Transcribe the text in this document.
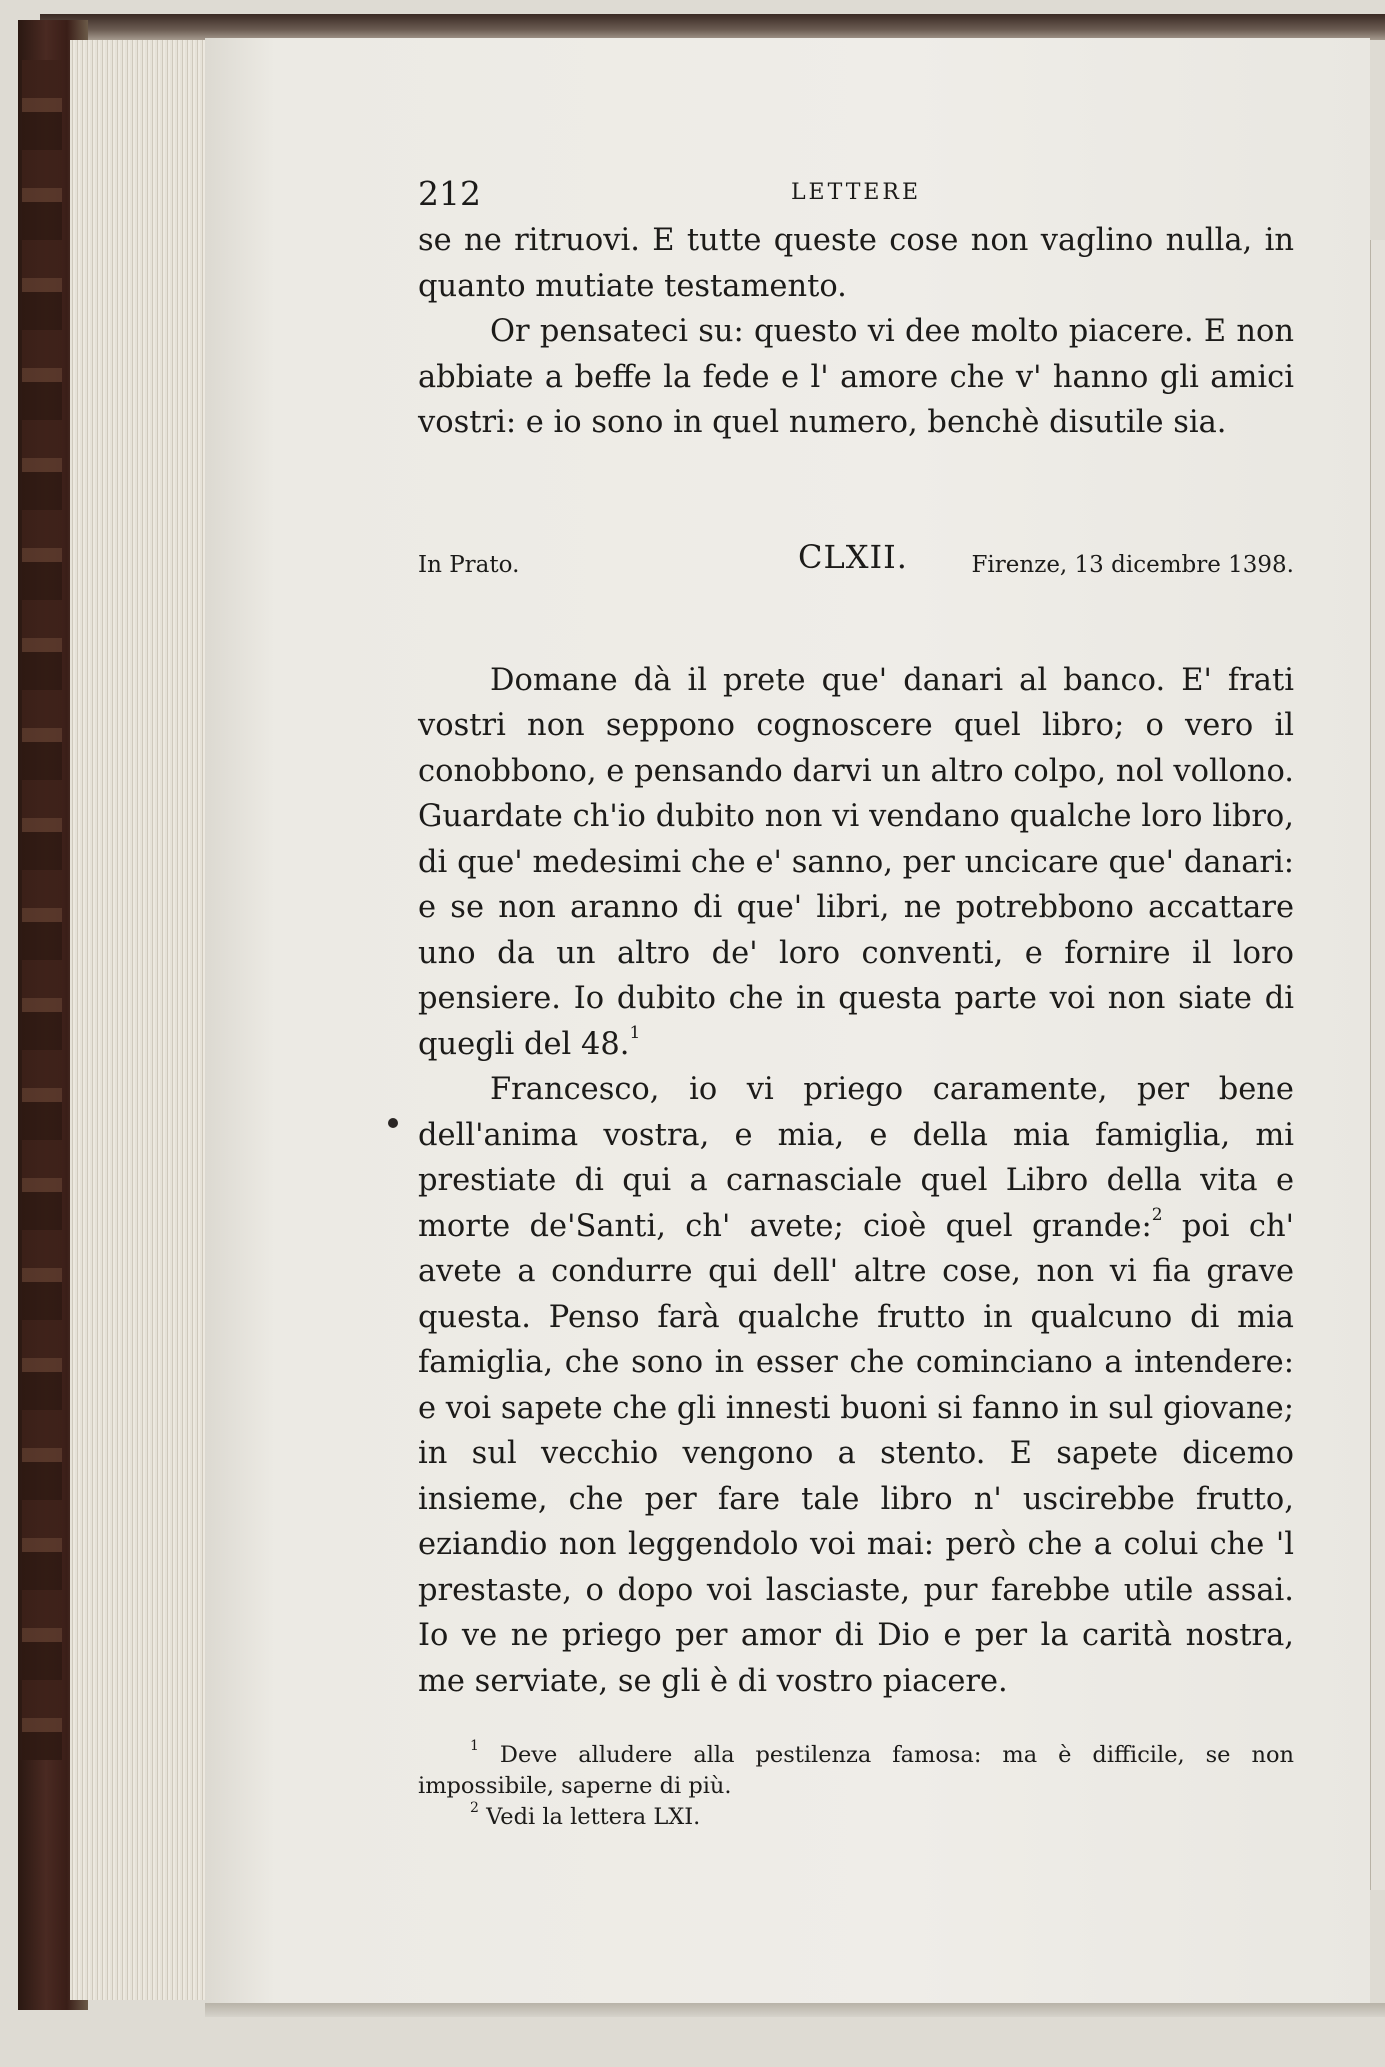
212	LETTERE

se ne ritruovi. E tutte queste cose non vaglino nulla, in quanto mutiate testamento.

Or pensateci su: questo vi dee molto piacere. E non abbiate a beffe la fede e l' amore che v' hanno gli amici vostri: e io sono in quel numero, benchè disutile sia.

In Prato.	CLXII.	Firenze, 13 dicembre 1398.

Domane dà il prete que' danari al banco. E' frati vostri non seppono cognoscere quel libro; o vero il conobbono, e pensando darvi un altro colpo, nol vollono. Guardate ch'io dubito non vi vendano qualche loro libro, di que' medesimi che e' sanno, per uncicare que' danari: e se non aranno di que' libri, ne potrebbono accattare uno da un altro de' loro conventi, e fornire il loro pensiere. Io dubito che in questa parte voi non siate di quegli del 48.$^1$

Francesco, io vi priego caramente, per bene dell'anima vostra, e mia, e della mia famiglia, mi prestiate di qui a carnasciale quel Libro della vita e morte de'Santi, ch' avete; cioè quel grande:$^2$ poi ch' avete a condurre qui dell' altre cose, non vi fia grave questa. Penso farà qualche frutto in qualcuno di mia famiglia, che sono in esser che cominciano a intendere: e voi sapete che gli innesti buoni si fanno in sul giovane; in sul vecchio vengono a stento. E sapete dicemo insieme, che per fare tale libro n' uscirebbe frutto, eziandio non leggendolo voi mai: però che a colui che 'l prestaste, o dopo voi lasciaste, pur farebbe utile assai. Io ve ne priego per amor di Dio e per la carità nostra, me serviate, se gli è di vostro piacere.

$^1$ Deve alludere alla pestilenza famosa: ma è difficile, se non impossibile, saperne di più.

$^2$ Vedi la lettera LXI.
